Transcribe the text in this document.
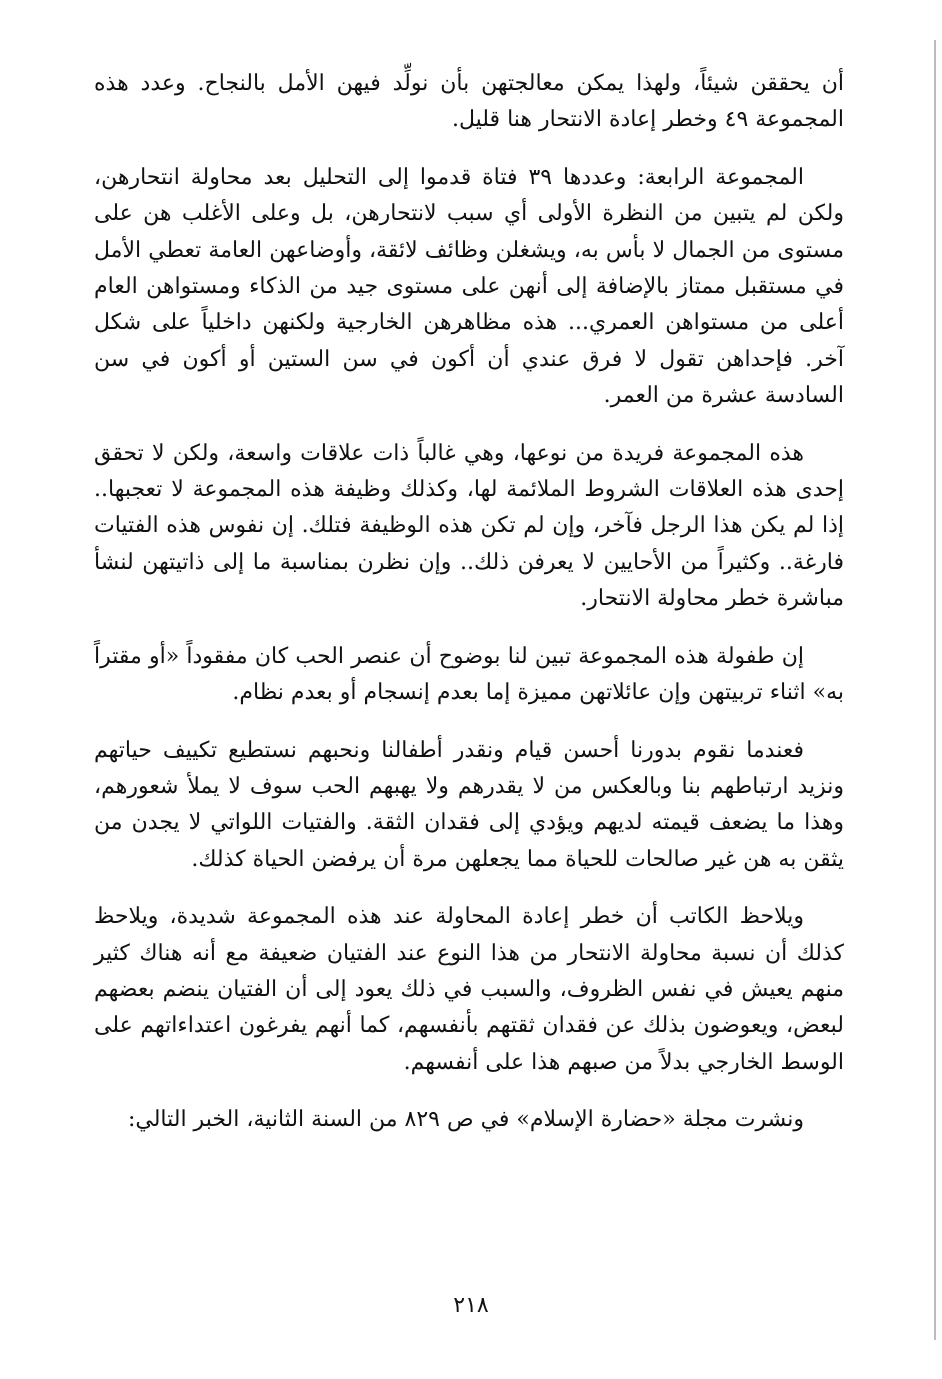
أن يحققن شيئاً، ولهذا يمكن معالجتهن بأن نولِّد فيهن الأمل بالنجاح. وعدد هذه المجموعة ٤٩ وخطر إعادة الانتحار هنا قليل.

المجموعة الرابعة: وعددها ٣٩ فتاة قدموا إلى التحليل بعد محاولة انتحارهن، ولكن لم يتبين من النظرة الأولى أي سبب لانتحارهن، بل وعلى الأغلب هن على مستوى من الجمال لا بأس به، ويشغلن وظائف لائقة، وأوضاعهن العامة تعطي الأمل في مستقبل ممتاز بالإضافة إلى أنهن على مستوى جيد من الذكاء ومستواهن العام أعلى من مستواهن العمري... هذه مظاهرهن الخارجية ولكنهن داخلياً على شكل آخر. فإحداهن تقول لا فرق عندي أن أكون في سن الستين أو أكون في سن السادسة عشرة من العمر.

هذه المجموعة فريدة من نوعها، وهي غالباً ذات علاقات واسعة، ولكن لا تحقق إحدى هذه العلاقات الشروط الملائمة لها، وكذلك وظيفة هذه المجموعة لا تعجبها.. إذا لم يكن هذا الرجل فآخر، وإن لم تكن هذه الوظيفة فتلك. إن نفوس هذه الفتيات فارغة.. وكثيراً من الأحايين لا يعرفن ذلك.. وإن نظرن بمناسبة ما إلى ذاتيتهن لنشأ مباشرة خطر محاولة الانتحار.

إن طفولة هذه المجموعة تبين لنا بوضوح أن عنصر الحب كان مفقوداً «أو مقتراً به» اثناء تربيتهن وإن عائلاتهن مميزة إما بعدم إنسجام أو بعدم نظام.

فعندما نقوم بدورنا أحسن قيام ونقدر أطفالنا ونحبهم نستطيع تكييف حياتهم ونزيد ارتباطهم بنا وبالعكس من لا يقدرهم ولا يهبهم الحب سوف لا يملأ شعورهم، وهذا ما يضعف قيمته لديهم ويؤدي إلى فقدان الثقة. والفتيات اللواتي لا يجدن من يثقن به هن غير صالحات للحياة مما يجعلهن مرة أن يرفضن الحياة كذلك.

ويلاحظ الكاتب أن خطر إعادة المحاولة عند هذه المجموعة شديدة، ويلاحظ كذلك أن نسبة محاولة الانتحار من هذا النوع عند الفتيان ضعيفة مع أنه هناك كثير منهم يعيش في نفس الظروف، والسبب في ذلك يعود إلى أن الفتيان ينضم بعضهم لبعض، ويعوضون بذلك عن فقدان ثقتهم بأنفسهم، كما أنهم يفرغون اعتداءاتهم على الوسط الخارجي بدلاً من صبهم هذا على أنفسهم.

ونشرت مجلة «حضارة الإسلام» في ص ٨٢٩ من السنة الثانية، الخبر التالي:

٢١٨
